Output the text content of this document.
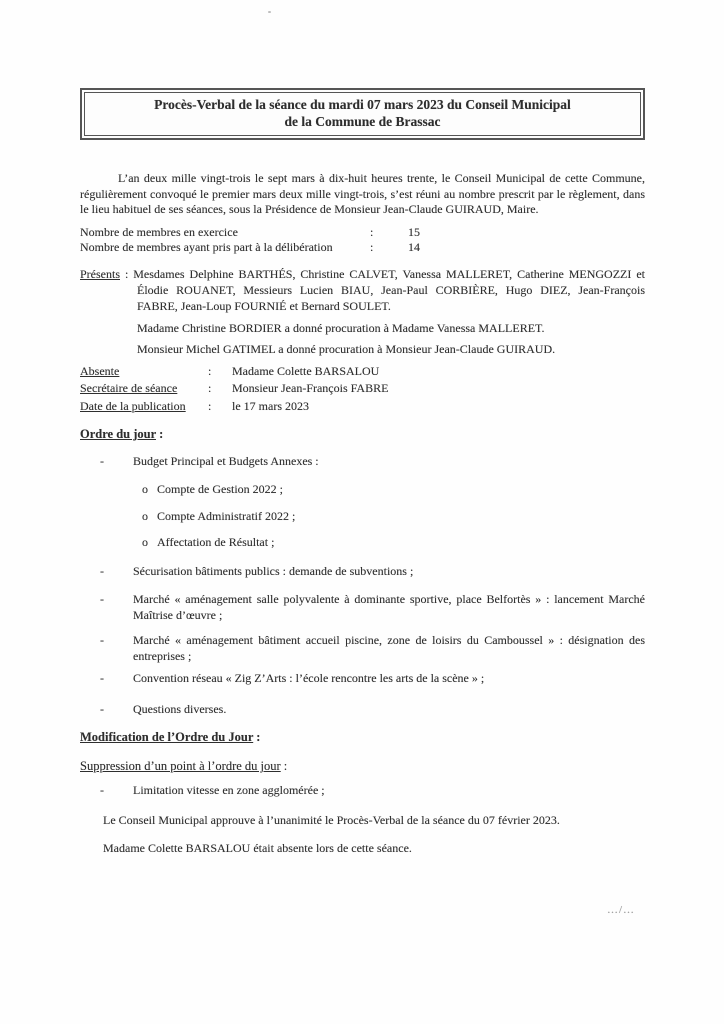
Procès-Verbal de la séance du mardi 07 mars 2023 du Conseil Municipal
de la Commune de Brassac

L’an deux mille vingt-trois le sept mars à dix-huit heures trente, le Conseil Municipal de cette Commune, régulièrement convoqué le premier mars deux mille vingt-trois, s’est réuni au nombre prescrit par le règlement, dans le lieu habituel de ses séances, sous la Présidence de Monsieur Jean-Claude GUIRAUD, Maire.

Nombre de membres en exercice	:	15
Nombre de membres ayant pris part à la délibération	:	14
Présents : Mesdames Delphine BARTHÉS, Christine CALVET, Vanessa MALLERET, Catherine MENGOZZI et Élodie ROUANET, Messieurs Lucien BIAU, Jean-Paul CORBIÈRE, Hugo DIEZ, Jean-François FABRE, Jean-Loup FOURNIÉ et Bernard SOULET.

Madame Christine BORDIER a donné procuration à Madame Vanessa MALLERET.

Monsieur Michel GATIMEL a donné procuration à Monsieur Jean-Claude GUIRAUD.

Absente	:	Madame Colette BARSALOU
Secrétaire de séance	:	Monsieur Jean-François FABRE
Date de la publication	:	le 17 mars 2023

Ordre du jour :

-	Budget Principal et Budgets Annexes :
o Compte de Gestion 2022 ;
o Compte Administratif 2022 ;
o Affectation de Résultat ;
-	Sécurisation bâtiments publics : demande de subventions ;
-	Marché « aménagement salle polyvalente à dominante sportive, place Belfortès » : lancement Marché Maîtrise d’œuvre ;
-	Marché « aménagement bâtiment accueil piscine, zone de loisirs du Camboussel » : désignation des entreprises ;
-	Convention réseau « Zig Z’Arts : l’école rencontre les arts de la scène » ;
-	Questions diverses.

Modification de l’Ordre du Jour :

Suppression d’un point à l’ordre du jour :

-	Limitation vitesse en zone agglomérée ;

Le Conseil Municipal approuve à l’unanimité le Procès-Verbal de la séance du 07 février 2023.

Madame Colette BARSALOU était absente lors de cette séance.

…/…
